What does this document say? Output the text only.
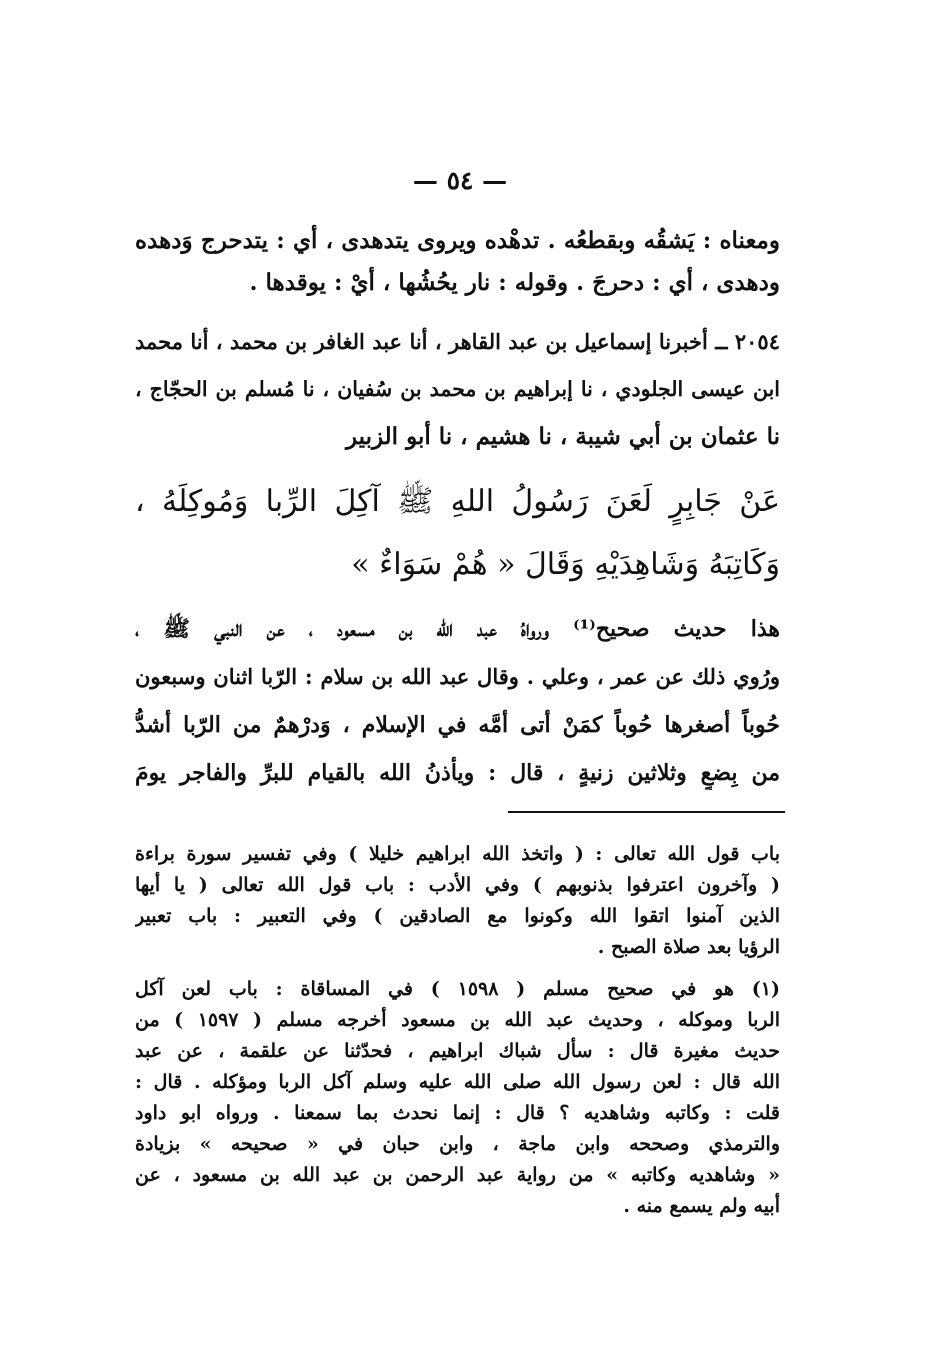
— ٥٤ —
ومعناه : يَشقُه وبقطعُه . تدهْده ويروى يتدهدى ، أي : يتدحرج وَدهده
ودهدى ، أي : دحرجَ . وقوله : نار يحُشُها ، أيْ : يوقدها .
٢٠٥٤ ــ أخبرنا إسماعيل بن عبد القاهر ، أنا عبد الغافر بن محمد ، أنا محمد
ابن عيسى الجلودي ، نا إبراهيم بن محمد بن سُفيان ، نا مُسلم بن الحجّاج ،
نا عثمان بن أبي شيبة ، نا هشيم ، نا أبو الزبير
عَنْ جَابِرٍ لَعَنَ رَسُولُ اللهِ ﷺ آكِلَ الرِّبا وَمُوكِلَهُ ،
وَكَاتِبَهُ وَشَاهِدَيْهِ وَقَالَ « هُمْ سَوَاءٌ »
هذا حديث صحيح⁽¹⁾ ورواهُ عبد الله بن مسعود ، عن النبي ﷺ ،
ورُوي ذلك عن عمر ، وعلي . وقال عبد الله بن سلام : الرّبا اثنان وسبعون
حُوباً أصغرها حُوباً كمَنْ أتى أمَّه في الإسلام ، وَدرْهمٌ من الرّبا أشدُّ
من بِضعٍ وثلاثين زنيةٍ ، قال : ويأذنُ الله بالقيام للبرِّ والفاجر يومَ
باب قول الله تعالى : ( واتخذ الله ابراهيم خليلا ) وفي تفسير سورة براءة
( وآخرون اعترفوا بذنوبهم ) وفي الأدب : باب قول الله تعالى ( يا أيها
الذين آمنوا اتقوا الله وكونوا مع الصادقين ) وفي التعبير : باب تعبير
الرؤيا بعد صلاة الصبح .
(١) هو في صحيح مسلم ( ١٥٩٨ ) في المساقاة : باب لعن آكل
الربا وموكله ، وحديث عبد الله بن مسعود أخرجه مسلم ( ١٥٩٧ ) من
حديث مغيرة قال : سأل شباك ابراهيم ، فحدّثنا عن علقمة ، عن عبد
الله قال : لعن رسول الله صلى الله عليه وسلم آكل الربا ومؤكله . قال :
قلت : وكاتبه وشاهديه ؟ قال : إنما نحدث بما سمعنا . ورواه ابو داود
والترمذي وصححه وابن ماجة ، وابن حبان في « صحيحه » بزيادة
« وشاهديه وكاتبه » من رواية عبد الرحمن بن عبد الله بن مسعود ، عن
أبيه ولم يسمع منه .
